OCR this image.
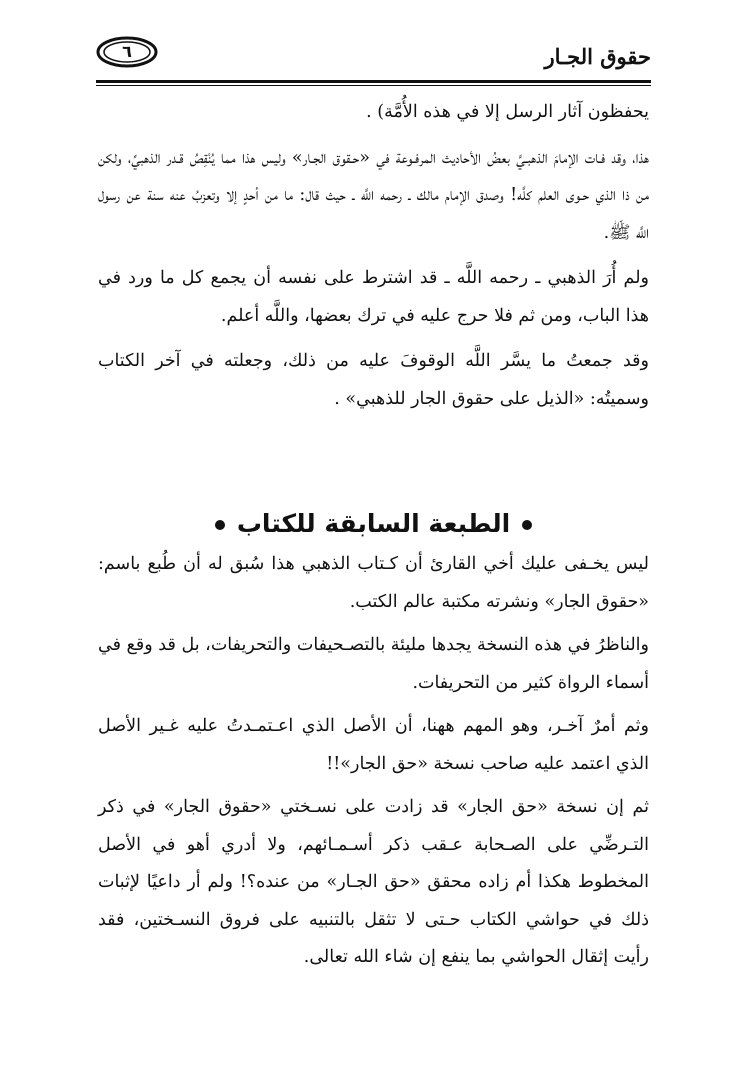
٦	حقوق الجـار

يحفظون آثار الرسل إلا في هذه الأُمَّة) .

هذا، وقد فـات الإمامَ الذهبـيَّ بعضُ الأحاديث المرفـوعة في «حـقوق الجـار» وليس هذا مما يُنْقِصُ قـدر الذهبيِّ، ولكن من ذا الذي حـوى العلم كلَّه! وصدق الإمام مالك ـ رحمه اللَّه ـ حيث قال: ما من أحدٍ إلا وتعزبُ عنه سنة عن رسول اللَّه ﷺ.

ولم أُرَ الذهبي ـ رحمه اللَّه ـ قد اشترط على نفسه أن يجمع كل ما ورد في هذا الباب، ومن ثم فلا حرج عليه في ترك بعضها، واللَّه أعلم.

وقد جمعتُ ما يسَّر اللَّه الوقوفَ عليه من ذلك، وجعلته في آخر الكتاب وسميتُه: «الذيل على حقوق الجار للذهبي» .

الطبعة السابقة للكتاب

ليس يخـفى عليك أخي القارئ أن كـتاب الذهبي هذا سُبق له أن طُبع باسم: «حقوق الجار» ونشرته مكتبة عالم الكتب.

والناظرُ في هذه النسخة يجدها مليئة بالتصـحيفات والتحريفات، بل قد وقع في أسماء الرواة كثير من التحريفات.

وثم أمرٌ آخـر، وهو المهم ههنا، أن الأصل الذي اعـتمـدتُ عليه غـير الأصل الذي اعتمد عليه صاحب نسخة «حق الجار»!!

ثم إن نسخة «حق الجار» قد زادت على نسـختي «حقوق الجار» في ذكر التـرضِّي على الصـحابة عـقب ذكر أسـمـائهم، ولا أدري أهو في الأصل المخطوط هكذا أم زاده محقق «حق الجـار» من عنده؟! ولم أر داعيًا لإثبات ذلك في حواشي الكتاب حـتى لا تثقل بالتنبيه على فروق النسـختين، فقد رأيت إثقال الحواشي بما ينفع إن شاء الله تعالى.
